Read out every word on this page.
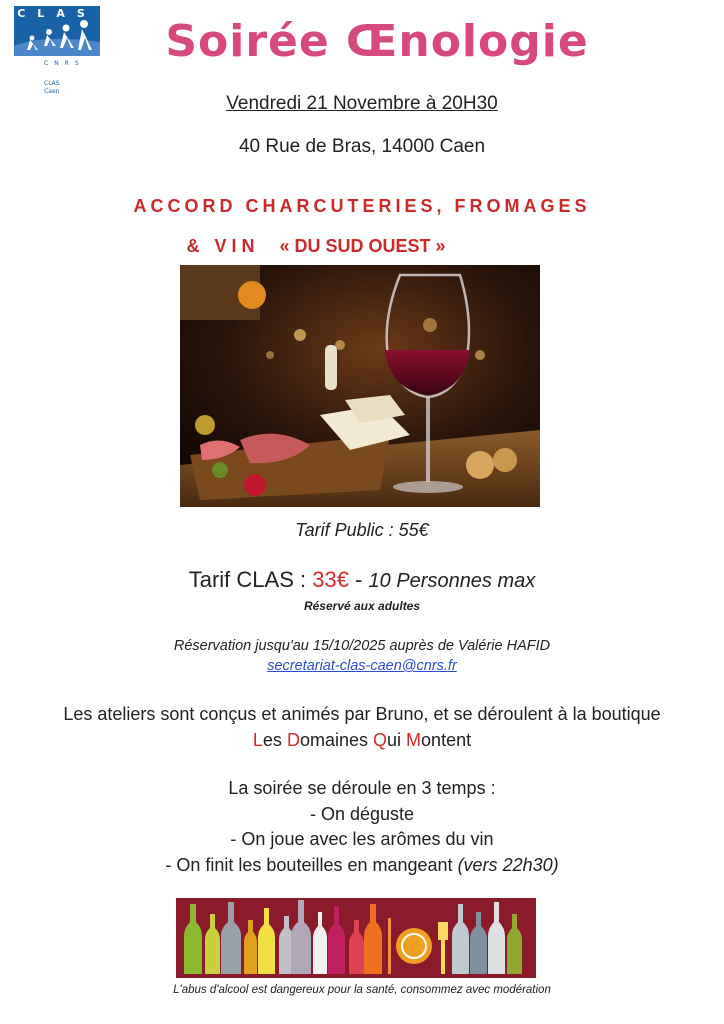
CLAS
CNRS
CLAS
Caen
Soirée Œnologie
Vendredi 21 Novembre à 20H30
40 Rue de Bras, 14000 Caen
ACCORD CHARCUTERIES, FROMAGES
& VIN « DU SUD OUEST »
Tarif Public : 55€
Tarif CLAS : 33€ - 10 Personnes max
Réservé aux adultes
Réservation jusqu'au 15/10/2025 auprès de Valérie HAFID
secretariat-clas-caen@cnrs.fr
Les ateliers sont conçus et animés par Bruno, et se déroulent à la boutique
Les Domaines Qui Montent
La soirée se déroule en 3 temps :
- On déguste
- On joue avec les arômes du vin
- On finit les bouteilles en mangeant (vers 22h30)
L'abus d'alcool est dangereux pour la santé, consommez avec modération
